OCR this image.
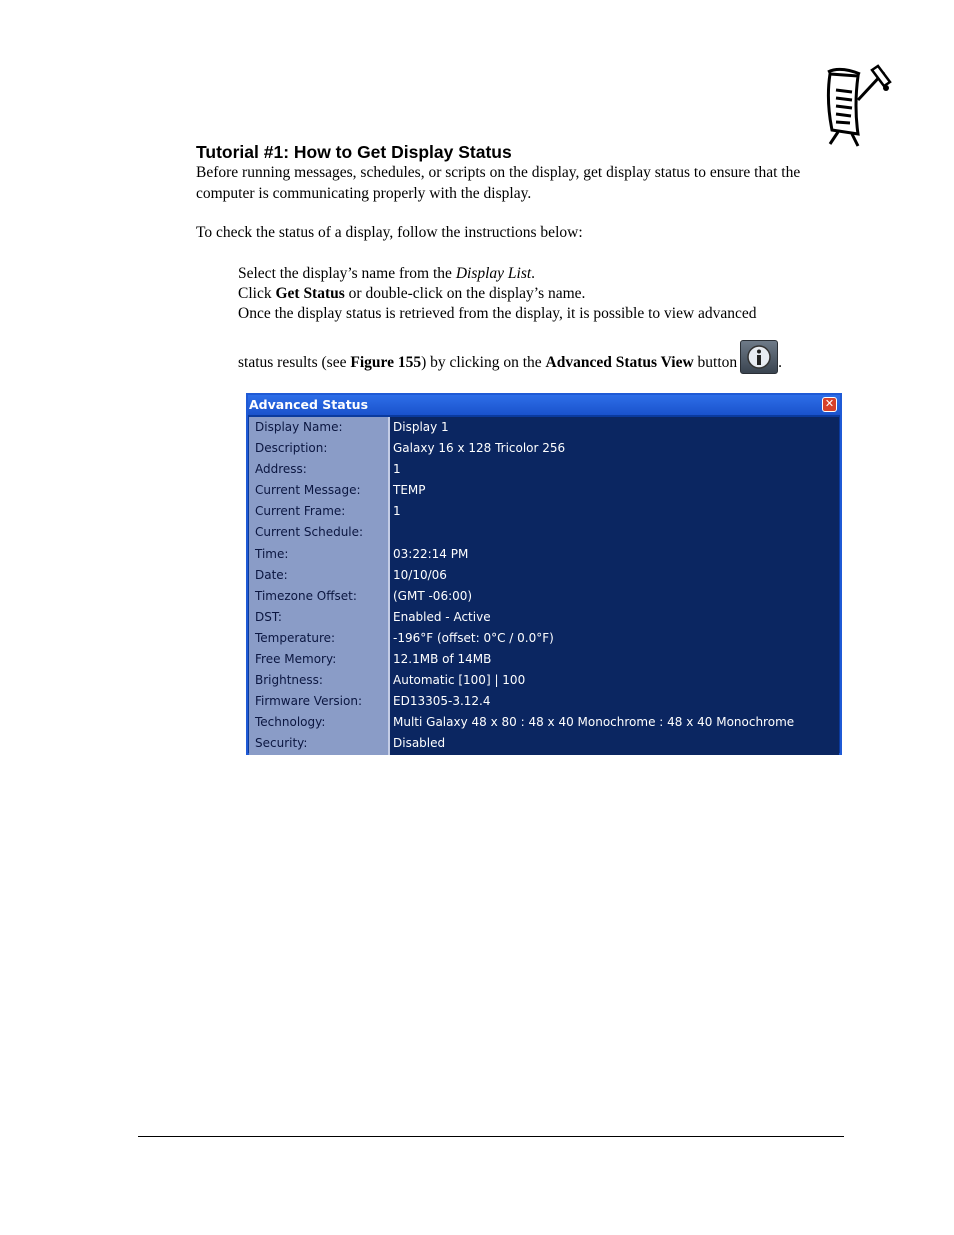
Tutorial #1: How to Get Display Status

Before running messages, schedules, or scripts on the display, get display status to ensure that the computer is communicating properly with the display.

To check the status of a display, follow the instructions below:

Select the display’s name from the Display List.

Click Get Status or double-click on the display’s name.

Once the display status is retrieved from the display, it is possible to view advanced

status results (see Figure 155) by clicking on the Advanced Status View button	.

Advanced Status	✕
Display Name:	Display 1
Description:	Galaxy 16 x 128 Tricolor 256
Address:	1
Current Message:	TEMP
Current Frame:	1
Current Schedule:
Time:	03:22:14 PM
Date:	10/10/06
Timezone Offset:	(GMT -06:00)
DST:	Enabled - Active
Temperature:	-196°F (offset: 0°C / 0.0°F)
Free Memory:	12.1MB of 14MB
Brightness:	Automatic [100] | 100
Firmware Version:	ED13305-3.12.4
Technology:	Multi Galaxy 48 x 80 : 48 x 40 Monochrome : 48 x 40 Monochrome
Security:	Disabled
